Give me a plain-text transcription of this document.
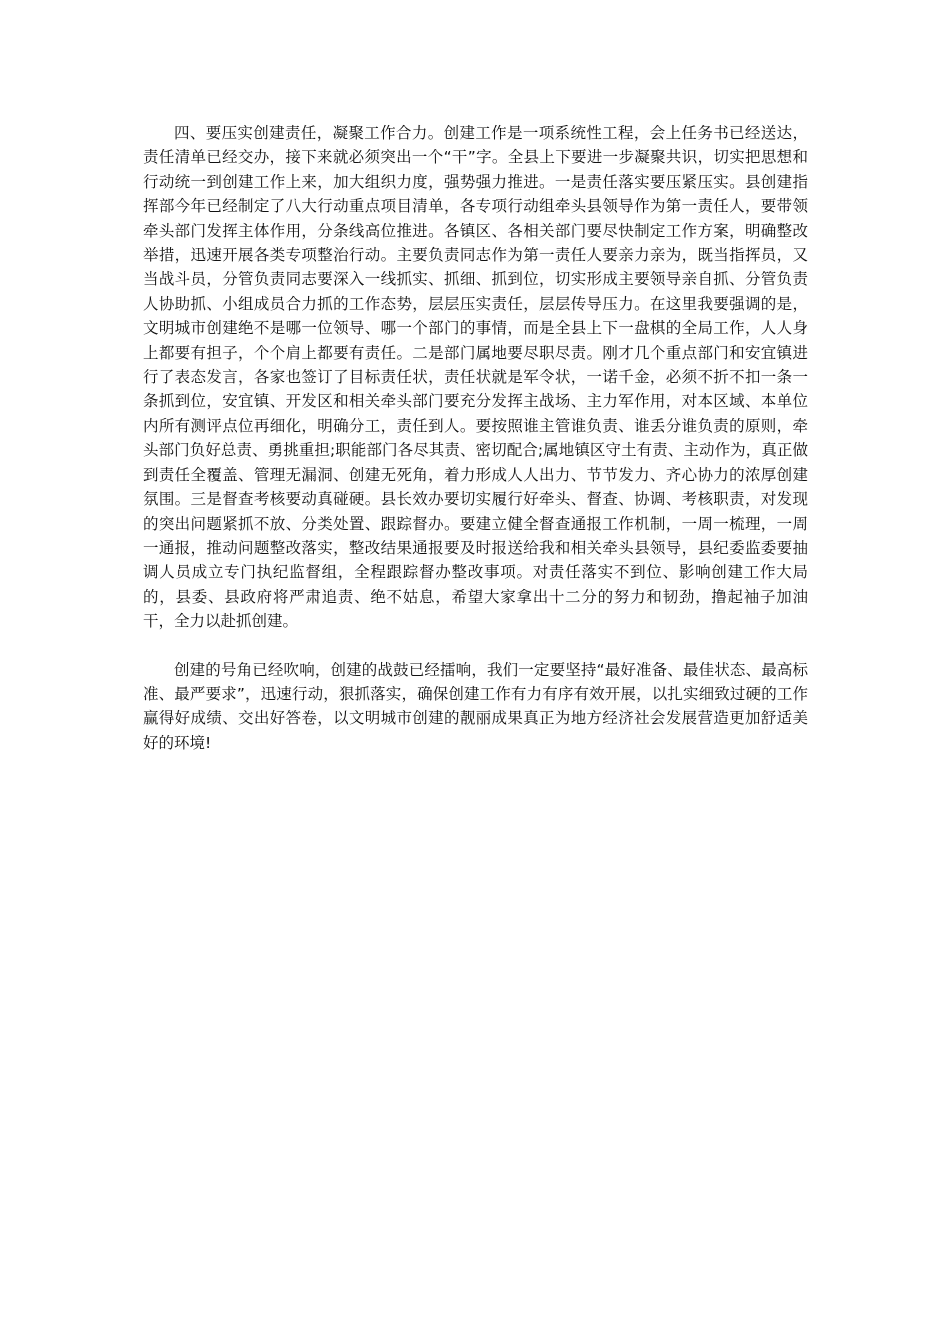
四、要压实创建责任，凝聚工作合力。创建工作是一项系统性工程，会上任务书已经送达，责任清单已经交办，接下来就必须突出一个“干”字。全县上下要进一步凝聚共识，切实把思想和行动统一到创建工作上来，加大组织力度，强势强力推进。一是责任落实要压紧压实。县创建指挥部今年已经制定了八大行动重点项目清单，各专项行动组牵头县领导作为第一责任人，要带领牵头部门发挥主体作用，分条线高位推进。各镇区、各相关部门要尽快制定工作方案，明确整改举措，迅速开展各类专项整治行动。主要负责同志作为第一责任人要亲力亲为，既当指挥员，又当战斗员，分管负责同志要深入一线抓实、抓细、抓到位，切实形成主要领导亲自抓、分管负责人协助抓、小组成员合力抓的工作态势，层层压实责任，层层传导压力。在这里我要强调的是，文明城市创建绝不是哪一位领导、哪一个部门的事情，而是全县上下一盘棋的全局工作，人人身上都要有担子，个个肩上都要有责任。二是部门属地要尽职尽责。刚才几个重点部门和安宜镇进行了表态发言，各家也签订了目标责任状，责任状就是军令状，一诺千金，必须不折不扣一条一条抓到位，安宜镇、开发区和相关牵头部门要充分发挥主战场、主力军作用，对本区域、本单位内所有测评点位再细化，明确分工，责任到人。要按照谁主管谁负责、谁丢分谁负责的原则，牵头部门负好总责、勇挑重担;职能部门各尽其责、密切配合;属地镇区守土有责、主动作为，真正做到责任全覆盖、管理无漏洞、创建无死角，着力形成人人出力、节节发力、齐心协力的浓厚创建氛围。三是督查考核要动真碰硬。县长效办要切实履行好牵头、督查、协调、考核职责，对发现的突出问题紧抓不放、分类处置、跟踪督办。要建立健全督查通报工作机制，一周一梳理，一周一通报，推动问题整改落实，整改结果通报要及时报送给我和相关牵头县领导，县纪委监委要抽调人员成立专门执纪监督组，全程跟踪督办整改事项。对责任落实不到位、影响创建工作大局的，县委、县政府将严肃追责、绝不姑息，希望大家拿出十二分的努力和韧劲，撸起袖子加油干，全力以赴抓创建。

创建的号角已经吹响，创建的战鼓已经擂响，我们一定要坚持“最好准备、最佳状态、最高标准、最严要求”，迅速行动，狠抓落实，确保创建工作有力有序有效开展，以扎实细致过硬的工作赢得好成绩、交出好答卷，以文明城市创建的靓丽成果真正为地方经济社会发展营造更加舒适美好的环境!
